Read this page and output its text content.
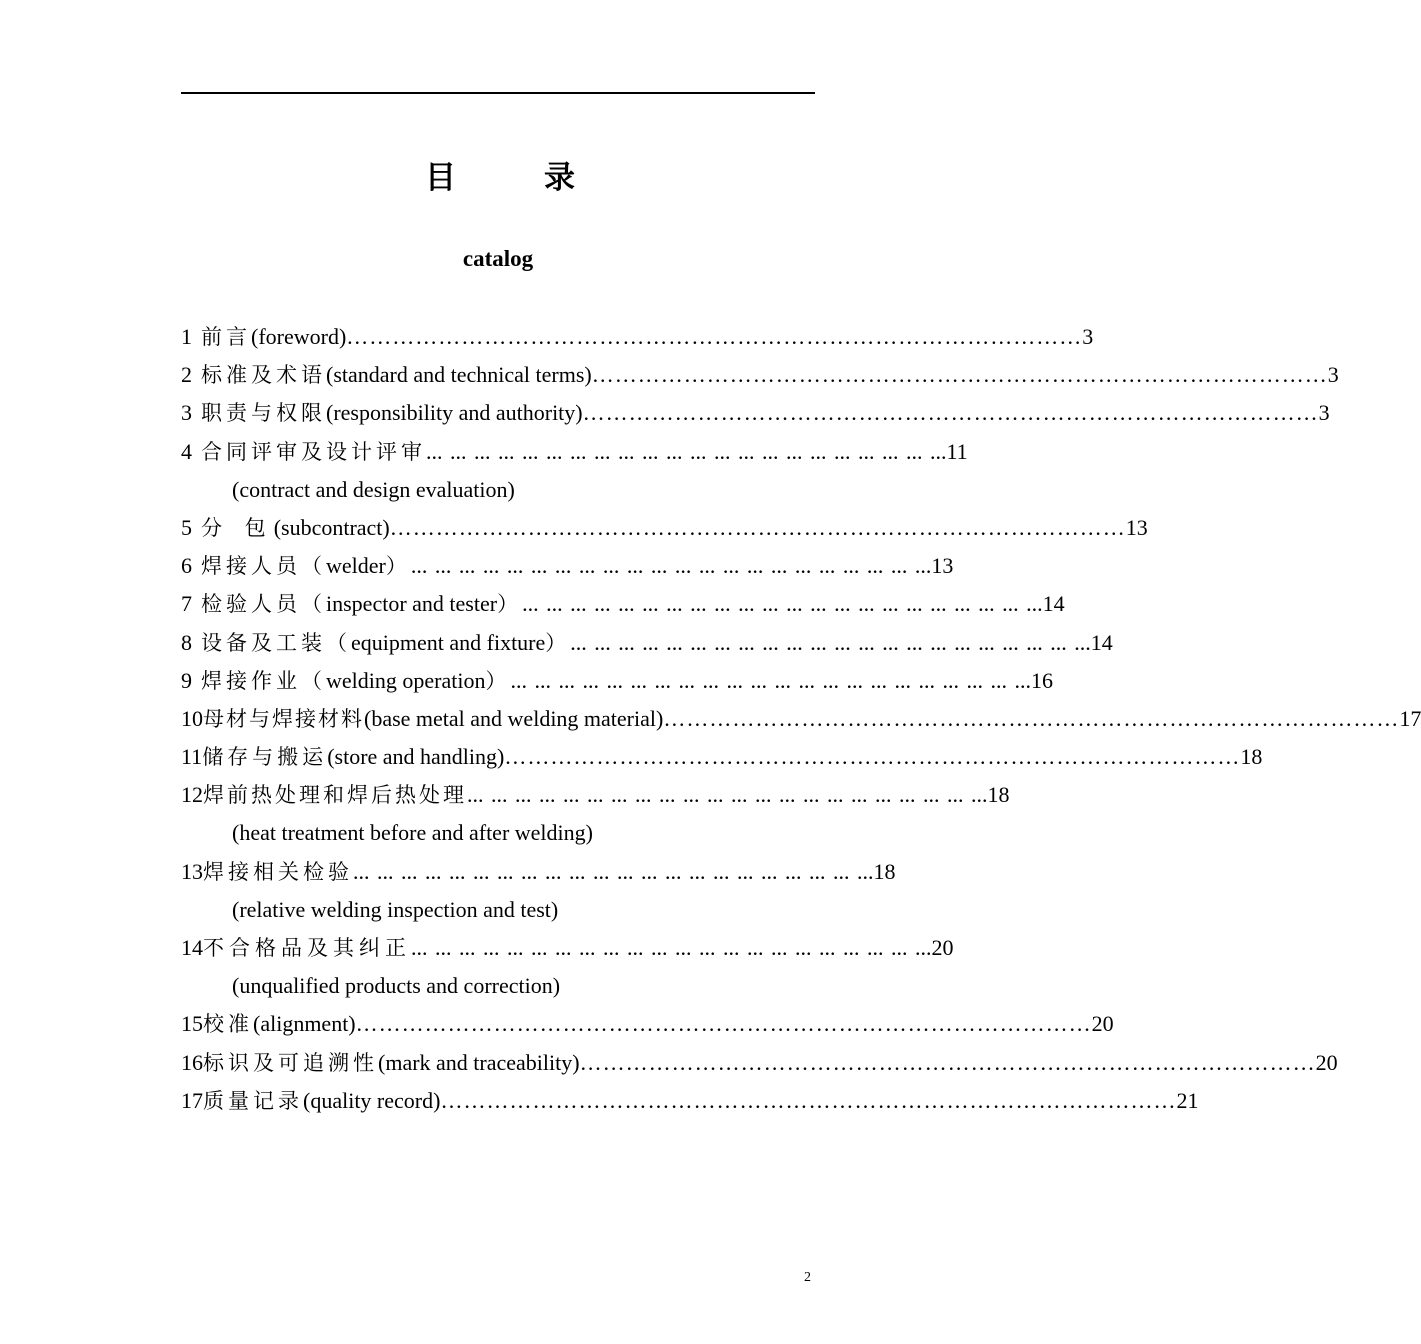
目录
catalog
1 前言 (foreword) …………………………………………………………………………………… 3
2 标准及术语 (standard and technical terms) …………………………………………………………………………………… 3
3 职责与权限 (responsibility and authority) …………………………………………………………………………………… 3
4 合同评审及设计评审 ... ... ... ... ... ... ... ... ... ... ... ... ... ... ... ... ... ... ... ... ... ... 11
(contract and design evaluation)
5 分 包 (subcontract) …………………………………………………………………………………… 13
6 焊接人员（ welder ） ... ... ... ... ... ... ... ... ... ... ... ... ... ... ... ... ... ... ... ... ... ... 13
7 检验人员（ inspector and tester ） ... ... ... ... ... ... ... ... ... ... ... ... ... ... ... ... ... ... ... ... ... ... 14
8 设备及工装（ equipment and fixture ） ... ... ... ... ... ... ... ... ... ... ... ... ... ... ... ... ... ... ... ... ... ... 14
9 焊接作业（ welding operation ） ... ... ... ... ... ... ... ... ... ... ... ... ... ... ... ... ... ... ... ... ... ... 16
10 母材与焊接材料 (base metal and welding material) …………………………………………………………………………………… 17
11 储存与搬运 (store and handling) …………………………………………………………………………………… 18
12 焊前热处理和焊后热处理 ... ... ... ... ... ... ... ... ... ... ... ... ... ... ... ... ... ... ... ... ... ... 18
(heat treatment before and after welding)
13 焊接相关检验 ... ... ... ... ... ... ... ... ... ... ... ... ... ... ... ... ... ... ... ... ... ... 18
(relative welding inspection and test)
14 不合格品及其纠正 ... ... ... ... ... ... ... ... ... ... ... ... ... ... ... ... ... ... ... ... ... ... 20
(unqualified products and correction)
15 校准 (alignment) …………………………………………………………………………………… 20
16 标识及可追溯性 (mark and traceability) …………………………………………………………………………………… 20
17 质量记录 (quality record) …………………………………………………………………………………… 21
2
